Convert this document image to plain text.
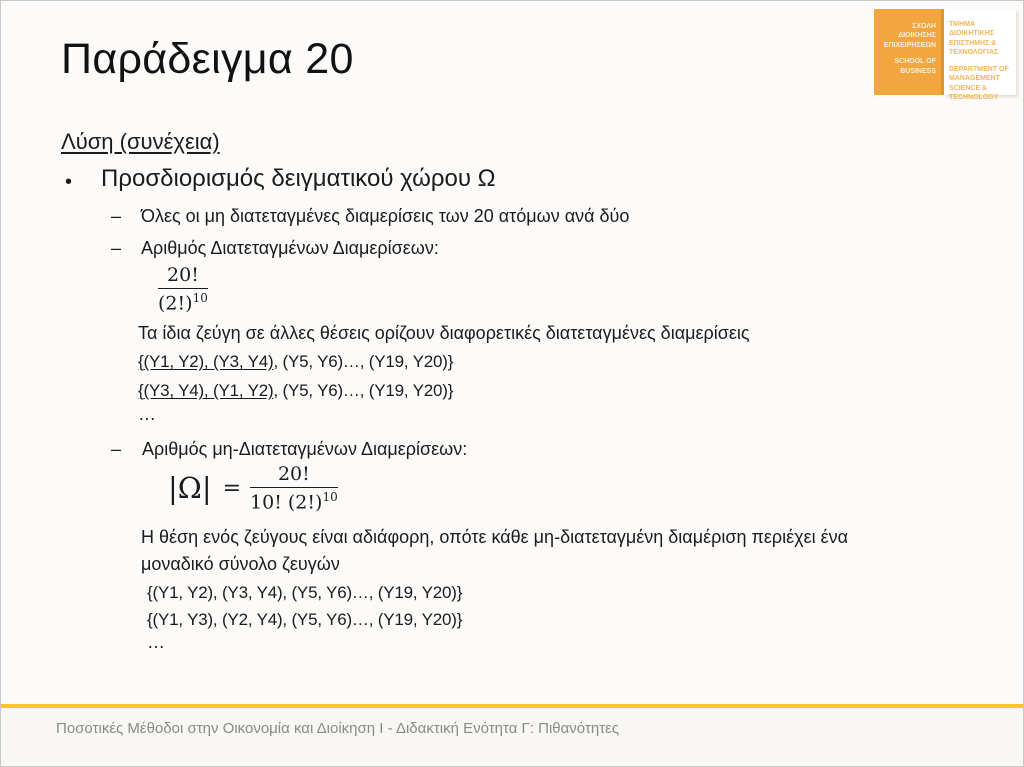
Παράδειγμα 20
ΣΧΟΛΗ
ΔΙΟΙΚΗΣΗΣ
ΕΠΙΧΕΙΡΗΣΕΩΝ
SCHOOL OF
BUSINESS
ΤΜΗΜΑ
ΔΙΟΙΚΗΤΙΚΗΣ
ΕΠΙΣΤΗΜΗΣ &
ΤΕΧΝΟΛΟΓΙΑΣ
DEPARTMENT OF
MANAGEMENT
SCIENCE &
TECHNOLOGY
Λύση (συνέχεια)
• Προσδιορισμός δειγματικού χώρου Ω
– Όλες οι μη διατεταγμένες διαμερίσεις των 20 ατόμων ανά δύο
– Αριθμός Διατεταγμένων Διαμερίσεων:
$\frac{20!}{(2!)^{10}}$
Τα ίδια ζεύγη σε άλλες θέσεις ορίζουν διαφορετικές διατεταγμένες διαμερίσεις
{(Y1, Y2), (Y3, Y4), (Y5, Y6)…, (Y19, Y20)}
{(Y3, Y4), (Y1, Y2), (Y5, Y6)…, (Y19, Y20)}
…
– Αριθμός μη-Διατεταγμένων Διαμερίσεων:
$|\Omega| = \frac{20!}{10! (2!)^{10}}$
Η θέση ενός ζεύγους είναι αδιάφορη, οπότε κάθε μη-διατεταγμένη διαμέριση περιέχει ένα
μοναδικό σύνολο ζευγών
{(Y1, Y2), (Y3, Y4), (Y5, Y6)…, (Y19, Y20)}
{(Y1, Y3), (Y2, Y4), (Y5, Y6)…, (Y19, Y20)}
…
Ποσοτικές Μέθοδοι στην Οικονομία και Διοίκηση Ι - Διδακτική Ενότητα Γ: Πιθανότητες
